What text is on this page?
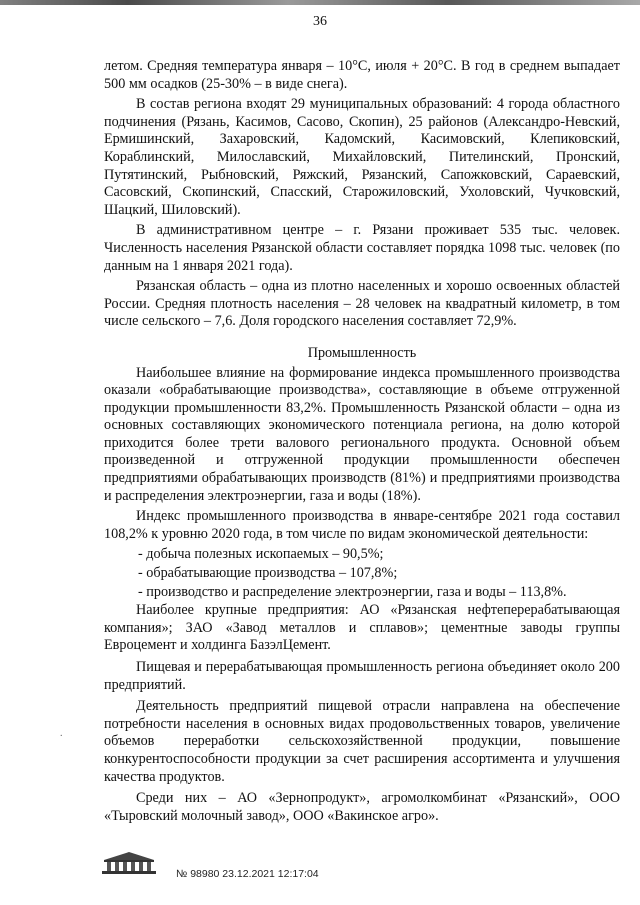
36

летом. Средняя температура января – 10°С, июля + 20°С. В год в среднем выпадает 500 мм осадков (25-30% – в виде снега).

В состав региона входят 29 муниципальных образований: 4 города областного подчинения (Рязань, Касимов, Сасово, Скопин), 25 районов (Александро-Невский, Ермишинский, Захаровский, Кадомский, Касимовский, Клепиковский, Кораблинский, Милославский, Михайловский, Пителинский, Пронский, Путятинский, Рыбновский, Ряжский, Рязанский, Сапожковский, Сараевский, Сасовский, Скопинский, Спасский, Старожиловский, Ухоловский, Чучковский, Шацкий, Шиловский).

В административном центре – г. Рязани проживает 535 тыс. человек. Численность населения Рязанской области составляет порядка 1098 тыс. человек (по данным на 1 января 2021 года).

Рязанская область – одна из плотно населенных и хорошо освоенных областей России. Средняя плотность населения – 28 человек на квадратный километр, в том числе сельского – 7,6. Доля городского населения составляет 72,9%.

Промышленность

Наибольшее влияние на формирование индекса промышленного производства оказали «обрабатывающие производства», составляющие в объеме отгруженной продукции промышленности 83,2%. Промышленность Рязанской области – одна из основных составляющих экономического потенциала региона, на долю которой приходится более трети валового регионального продукта. Основной объем произведенной и отгруженной продукции промышленности обеспечен предприятиями обрабатывающих производств (81%) и предприятиями производства и распределения электроэнергии, газа и воды (18%).

Индекс промышленного производства в январе-сентябре 2021 года составил 108,2% к уровню 2020 года, в том числе по видам экономической деятельности:

- добыча полезных ископаемых – 90,5%;

- обрабатывающие производства – 107,8%;

- производство и распределение электроэнергии, газа и воды – 113,8%.

Наиболее крупные предприятия: АО «Рязанская нефтеперерабатывающая компания»; ЗАО «Завод металлов и сплавов»; цементные заводы группы Евроцемент и холдинга БазэлЦемент.

Пищевая и перерабатывающая промышленность региона объединяет около 200 предприятий.

Деятельность предприятий пищевой отрасли направлена на обеспечение потребности населения в основных видах продовольственных товаров, увеличение объемов переработки сельскохозяйственной продукции, повышение конкурентоспособности продукции за счет расширения ассортимента и улучшения качества продуктов.

Среди них – АО «Зернопродукт», агромолкомбинат «Рязанский», ООО «Тыровский молочный завод», ООО «Вакинское агро».

.
№ 98980 23.12.2021 12:17:04
